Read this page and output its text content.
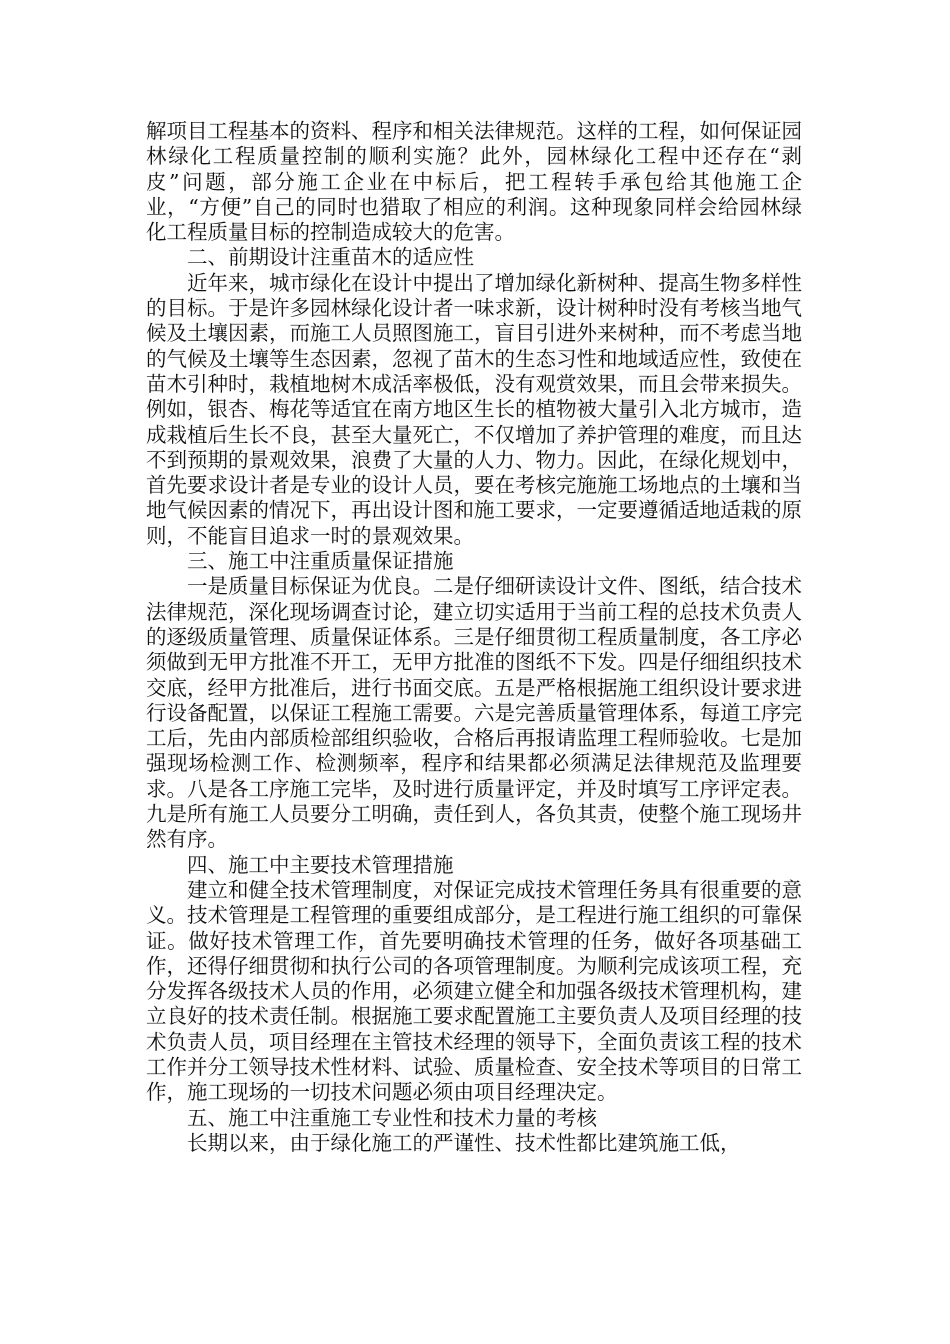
解项目工程基本的资料、程序和相关法律规范。这样的工程，如何保证园林绿化工程质量控制的顺利实施？此外，园林绿化工程中还存在“剥皮”问题，部分施工企业在中标后，把工程转手承包给其他施工企业，“方便”自己的同时也猎取了相应的利润。这种现象同样会给园林绿化工程质量目标的控制造成较大的危害。

二、前期设计注重苗木的适应性

近年来，城市绿化在设计中提出了增加绿化新树种、提高生物多样性的目标。于是许多园林绿化设计者一味求新，设计树种时没有考核当地气候及土壤因素，而施工人员照图施工，盲目引进外来树种，而不考虑当地的气候及土壤等生态因素，忽视了苗木的生态习性和地域适应性，致使在苗木引种时，栽植地树木成活率极低，没有观赏效果，而且会带来损失。例如，银杏、梅花等适宜在南方地区生长的植物被大量引入北方城市，造成栽植后生长不良，甚至大量死亡，不仅增加了养护管理的难度，而且达不到预期的景观效果，浪费了大量的人力、物力。因此，在绿化规划中，首先要求设计者是专业的设计人员，要在考核完施施工场地点的土壤和当地气候因素的情况下，再出设计图和施工要求，一定要遵循适地适栽的原则，不能盲目追求一时的景观效果。

三、施工中注重质量保证措施

一是质量目标保证为优良。二是仔细研读设计文件、图纸，结合技术法律规范，深化现场调查讨论，建立切实适用于当前工程的总技术负责人的逐级质量管理、质量保证体系。三是仔细贯彻工程质量制度，各工序必须做到无甲方批准不开工，无甲方批准的图纸不下发。四是仔细组织技术交底，经甲方批准后，进行书面交底。五是严格根据施工组织设计要求进行设备配置，以保证工程施工需要。六是完善质量管理体系，每道工序完工后，先由内部质检部组织验收，合格后再报请监理工程师验收。七是加强现场检测工作、检测频率，程序和结果都必须满足法律规范及监理要求。八是各工序施工完毕，及时进行质量评定，并及时填写工序评定表。九是所有施工人员要分工明确，责任到人，各负其责，使整个施工现场井然有序。

四、施工中主要技术管理措施

建立和健全技术管理制度，对保证完成技术管理任务具有很重要的意义。技术管理是工程管理的重要组成部分，是工程进行施工组织的可靠保证。做好技术管理工作，首先要明确技术管理的任务，做好各项基础工作，还得仔细贯彻和执行公司的各项管理制度。为顺利完成该项工程，充分发挥各级技术人员的作用，必须建立健全和加强各级技术管理机构，建立良好的技术责任制。根据施工要求配置施工主要负责人及项目经理的技术负责人员，项目经理在主管技术经理的领导下，全面负责该工程的技术工作并分工领导技术性材料、试验、质量检查、安全技术等项目的日常工作，施工现场的一切技术问题必须由项目经理决定。

五、施工中注重施工专业性和技术力量的考核

长期以来，由于绿化施工的严谨性、技术性都比建筑施工低，
